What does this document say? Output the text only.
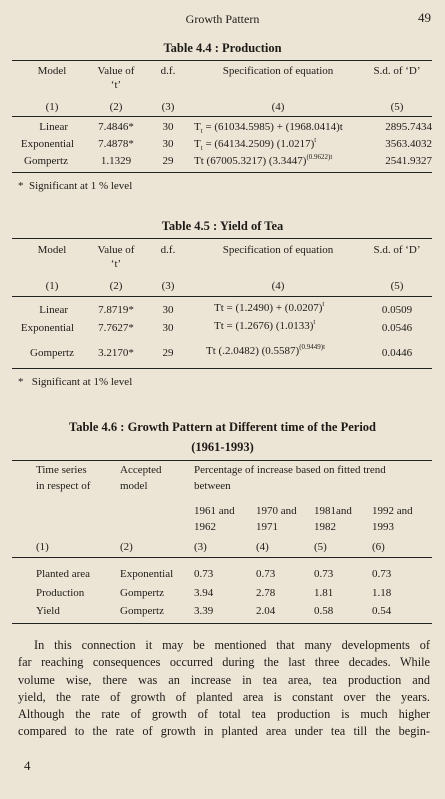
Growth Pattern	49
Table 4.4 : Production
Model	Value of
‘t’
d.f.	Specification of equation	S.d. of ‘D’
(1)	(2)	(3)	(4)	(5)
Linear	7.4846*	30	$T_t = (61034.5985) + (1968.0414)t$	2895.7434
Exponential	7.4878*	30	$T_t = (64134.2509)$ $(1.0217)^t$	3563.4032
Gompertz	1.1329	29	Tt (67005.3217) $(3.3447)^{(0.9622)t}$	2541.9327
* Significant at 1 % level
Table 4.5 : Yield of Tea
Model	Value of
‘t’
d.f.	Specification of equation	S.d. of ‘D’
(1)	(2)	(3)	(4)	(5)
Linear	7.8719*	30	$Tt = (1.2490) + (0.0207)^t$	0.0509
Exponential	7.7627*	30	Tt = (1.2676) $(1.0133)^t$	0.0546
Gompertz	3.2170*	29	Tt (.2.0482) $(0.5587)^{(0.9449)t}$	0.0446
* Significant at 1% level
Table 4.6 : Growth Pattern at Different time of the Period
(1961-1993)
Time series
in respect of
Accepted
model
Percentage of increase based on fitted trend
between
1961 and
1962
1970 and
1971
1981and
1982
1992 and
1993
(1)	(2)	(3)	(4)	(5)	(6)
Planted area	Exponential 0.73	0.73	0.73	0.73
Production	Gompertz	3.94	2.78	1.81	1.18
Yield	Gompertz	3.39	2.04	0.58	0.54
In this connection it may be mentioned that many developments of
far reaching consequences occurred during the last three decades. While
volume wise, there was an increase in tea area, tea production and
yield, the rate of growth of planted area is constant over the years.
Although the rate of growth of total tea production is much higher
compared to the rate of growth in planted area under tea till the begin-
4
